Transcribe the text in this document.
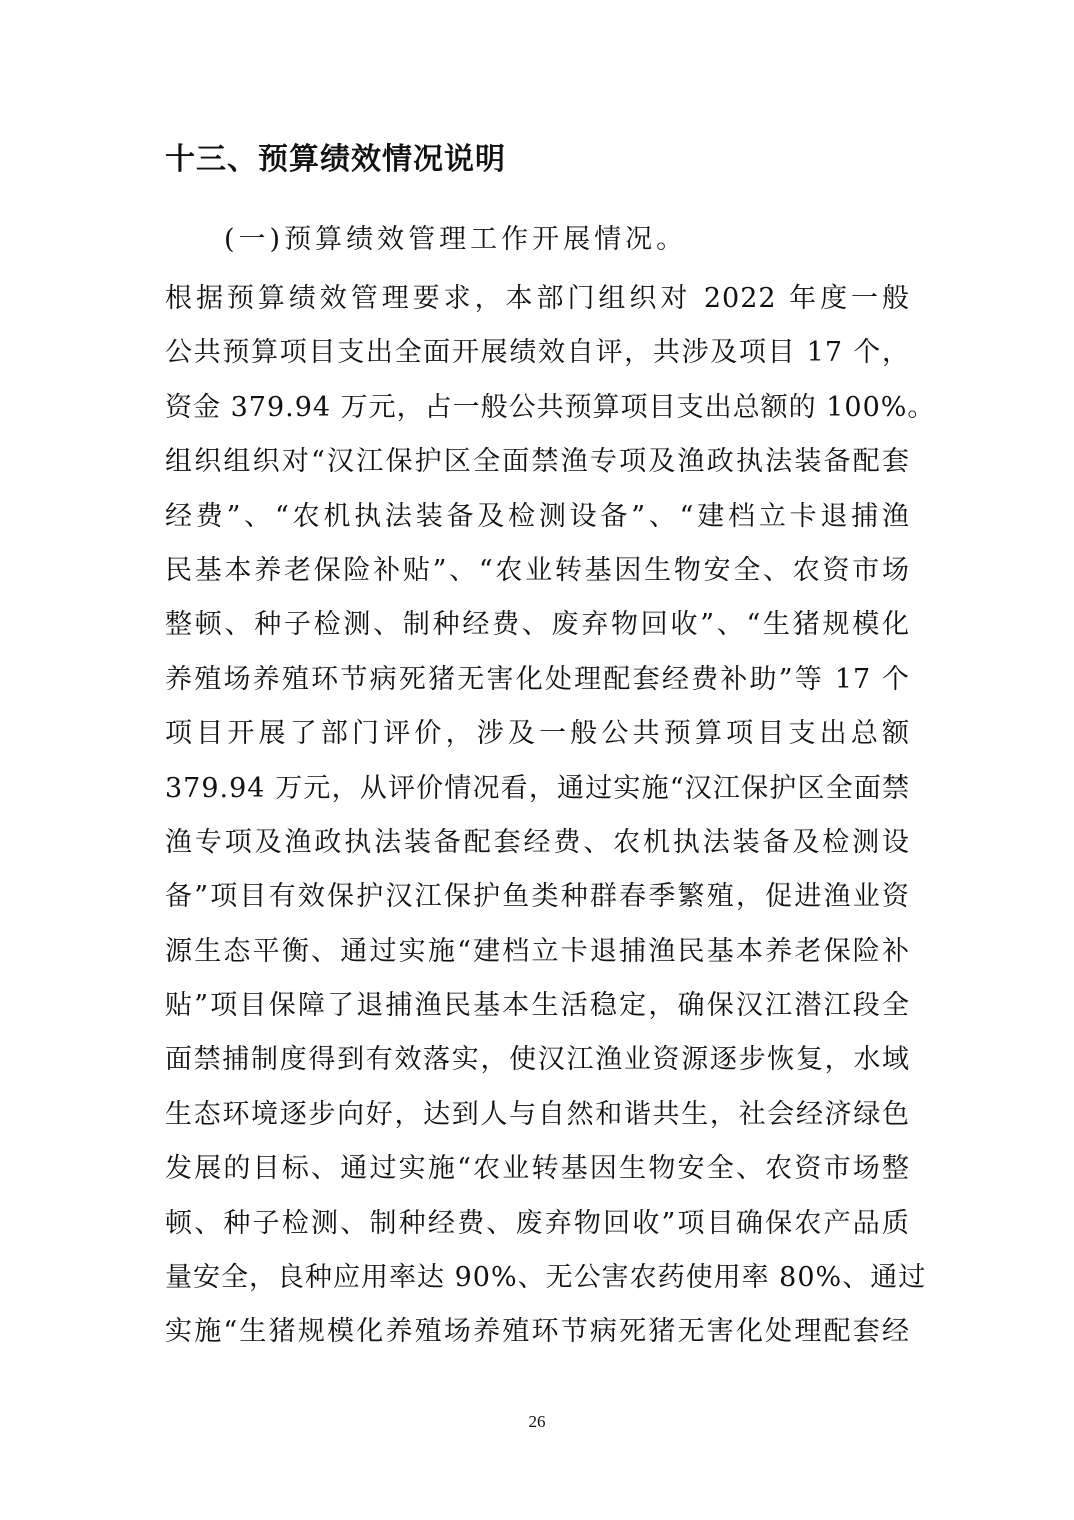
十三、预算绩效情况说明

(一)预算绩效管理工作开展情况。

根据预算绩效管理要求，本部门组织对 2022 年度一般
公共预算项目支出全面开展绩效自评，共涉及项目 17 个，
资金 379.94 万元，占一般公共预算项目支出总额的 100%。
组织组织对“汉江保护区全面禁渔专项及渔政执法装备配套
经费”、“农机执法装备及检测设备”、“建档立卡退捕渔
民基本养老保险补贴”、“农业转基因生物安全、农资市场
整顿、种子检测、制种经费、废弃物回收”、“生猪规模化
养殖场养殖环节病死猪无害化处理配套经费补助”等 17 个
项目开展了部门评价，涉及一般公共预算项目支出总额
379.94 万元，从评价情况看，通过实施“汉江保护区全面禁
渔专项及渔政执法装备配套经费、农机执法装备及检测设
备”项目有效保护汉江保护鱼类种群春季繁殖，促进渔业资
源生态平衡、通过实施“建档立卡退捕渔民基本养老保险补
贴”项目保障了退捕渔民基本生活稳定，确保汉江潜江段全
面禁捕制度得到有效落实，使汉江渔业资源逐步恢复，水域
生态环境逐步向好，达到人与自然和谐共生，社会经济绿色
发展的目标、通过实施“农业转基因生物安全、农资市场整
顿、种子检测、制种经费、废弃物回收”项目确保农产品质
量安全，良种应用率达 90%、无公害农药使用率 80%、通过
实施“生猪规模化养殖场养殖环节病死猪无害化处理配套经
26
